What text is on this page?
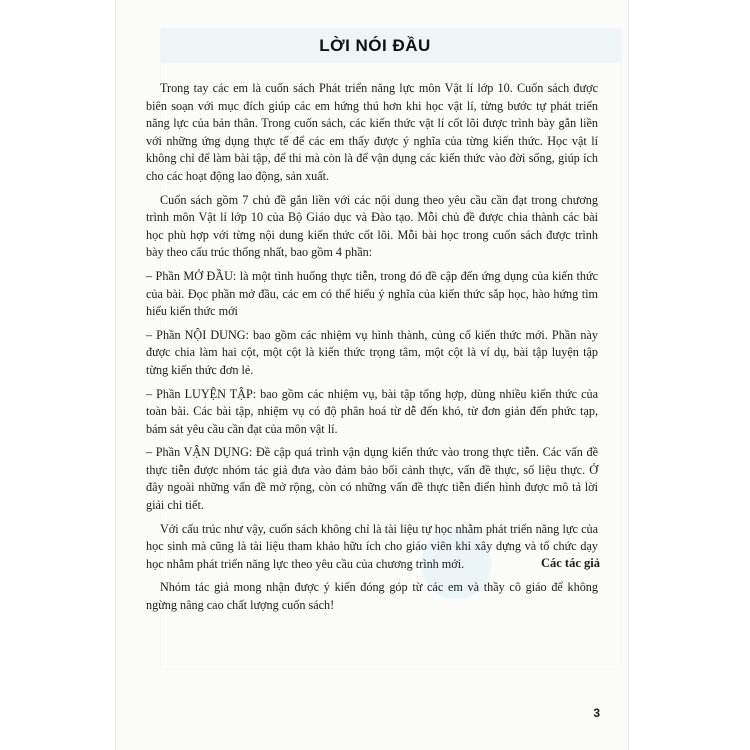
LỜI NÓI ĐẦU

Trong tay các em là cuốn sách Phát triển năng lực môn Vật lí lớp 10. Cuốn sách được biên soạn với mục đích giúp các em hứng thú hơn khi học vật lí, từng bước tự phát triển năng lực của bản thân. Trong cuốn sách, các kiến thức vật lí cốt lõi được trình bày gắn liền với những ứng dụng thực tế để các em thấy được ý nghĩa của từng kiến thức. Học vật lí không chỉ để làm bài tập, để thi mà còn là để vận dụng các kiến thức vào đời sống, giúp ích cho các hoạt động lao động, sản xuất.

Cuốn sách gồm 7 chủ đề gắn liền với các nội dung theo yêu cầu cần đạt trong chương trình môn Vật lí lớp 10 của Bộ Giáo dục và Đào tạo. Mỗi chủ đề được chia thành các bài học phù hợp với từng nội dung kiến thức cốt lõi. Mỗi bài học trong cuốn sách được trình bày theo cấu trúc thống nhất, bao gồm 4 phần:

– Phần MỞ ĐẦU: là một tình huống thực tiễn, trong đó đề cập đến ứng dụng của kiến thức của bài. Đọc phần mở đầu, các em có thể hiểu ý nghĩa của kiến thức sắp học, hào hứng tìm hiểu kiến thức mới

– Phần NỘI DUNG: bao gồm các nhiệm vụ hình thành, củng cố kiến thức mới. Phần này được chia làm hai cột, một cột là kiến thức trọng tâm, một cột là ví dụ, bài tập luyện tập từng kiến thức đơn lẻ.

– Phần LUYỆN TẬP: bao gồm các nhiệm vụ, bài tập tổng hợp, dùng nhiều kiến thức của toàn bài. Các bài tập, nhiệm vụ có độ phân hoá từ dễ đến khó, từ đơn giản đến phức tạp, bám sát yêu cầu cần đạt của môn vật lí.

– Phần VẬN DỤNG: Đề cập quá trình vận dụng kiến thức vào trong thực tiễn. Các vấn đề thực tiễn được nhóm tác giả đưa vào đảm bảo bối cảnh thực, vấn đề thực, số liệu thực. Ở đây ngoài những vấn đề mở rộng, còn có những vấn đề thực tiễn điển hình được mô tả lời giải chi tiết.

Với cấu trúc như vậy, cuốn sách không chỉ là tài liệu tự học nhằm phát triển năng lực của học sinh mà cũng là tài liệu tham khảo hữu ích cho giáo viên khi xây dựng và tổ chức dạy học nhằm phát triển năng lực theo yêu cầu của chương trình mới.

Nhóm tác giả mong nhận được ý kiến đóng góp từ các em và thầy cô giáo để không ngừng nâng cao chất lượng cuốn sách!

Các tác giả
3
